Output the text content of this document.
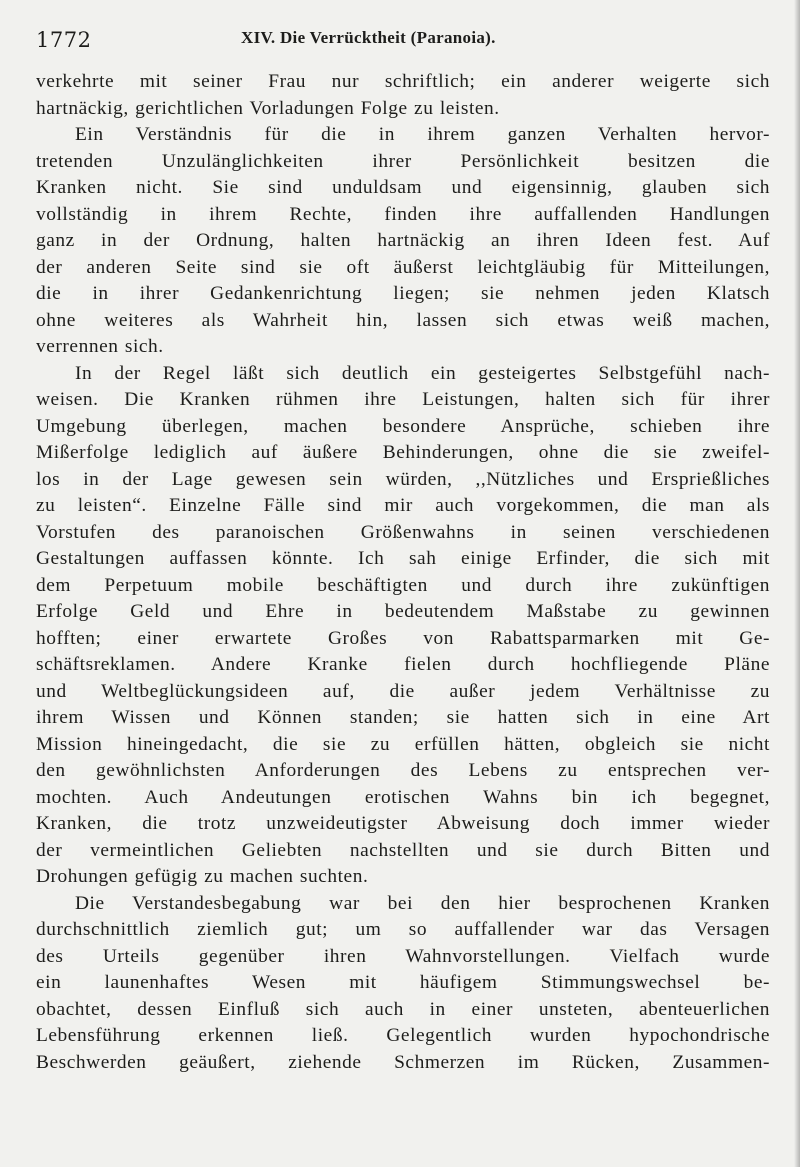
1772	XIV. Die Verrücktheit (Paranoia).
verkehrte mit seiner Frau nur schriftlich; ein anderer weigerte sich
hartnäckig, gerichtlichen Vorladungen Folge zu leisten.
Ein Verständnis für die in ihrem ganzen Verhalten hervor-
tretenden Unzulänglichkeiten ihrer Persönlichkeit besitzen die
Kranken nicht. Sie sind unduldsam und eigensinnig, glauben sich
vollständig in ihrem Rechte, finden ihre auffallenden Handlungen
ganz in der Ordnung, halten hartnäckig an ihren Ideen fest. Auf
der anderen Seite sind sie oft äußerst leichtgläubig für Mitteilungen,
die in ihrer Gedankenrichtung liegen; sie nehmen jeden Klatsch
ohne weiteres als Wahrheit hin, lassen sich etwas weiß machen,
verrennen sich.
In der Regel läßt sich deutlich ein gesteigertes Selbstgefühl nach-
weisen. Die Kranken rühmen ihre Leistungen, halten sich für ihrer
Umgebung überlegen, machen besondere Ansprüche, schieben ihre
Mißerfolge lediglich auf äußere Behinderungen, ohne die sie zweifel-
los in der Lage gewesen sein würden, ,,Nützliches und Ersprießliches
zu leisten“. Einzelne Fälle sind mir auch vorgekommen, die man als
Vorstufen des paranoischen Größenwahns in seinen verschiedenen
Gestaltungen auffassen könnte. Ich sah einige Erfinder, die sich mit
dem Perpetuum mobile beschäftigten und durch ihre zukünftigen
Erfolge Geld und Ehre in bedeutendem Maßstabe zu gewinnen
hofften; einer erwartete Großes von Rabattsparmarken mit Ge-
schäftsreklamen. Andere Kranke fielen durch hochfliegende Pläne
und Weltbeglückungsideen auf, die außer jedem Verhältnisse zu
ihrem Wissen und Können standen; sie hatten sich in eine Art
Mission hineingedacht, die sie zu erfüllen hätten, obgleich sie nicht
den gewöhnlichsten Anforderungen des Lebens zu entsprechen ver-
mochten. Auch Andeutungen erotischen Wahns bin ich begegnet,
Kranken, die trotz unzweideutigster Abweisung doch immer wieder
der vermeintlichen Geliebten nachstellten und sie durch Bitten und
Drohungen gefügig zu machen suchten.
Die Verstandesbegabung war bei den hier besprochenen Kranken
durchschnittlich ziemlich gut; um so auffallender war das Versagen
des Urteils gegenüber ihren Wahnvorstellungen. Vielfach wurde
ein launenhaftes Wesen mit häufigem Stimmungswechsel be-
obachtet, dessen Einfluß sich auch in einer unsteten, abenteuerlichen
Lebensführung erkennen ließ. Gelegentlich wurden hypochondrische
Beschwerden geäußert, ziehende Schmerzen im Rücken, Zusammen-
